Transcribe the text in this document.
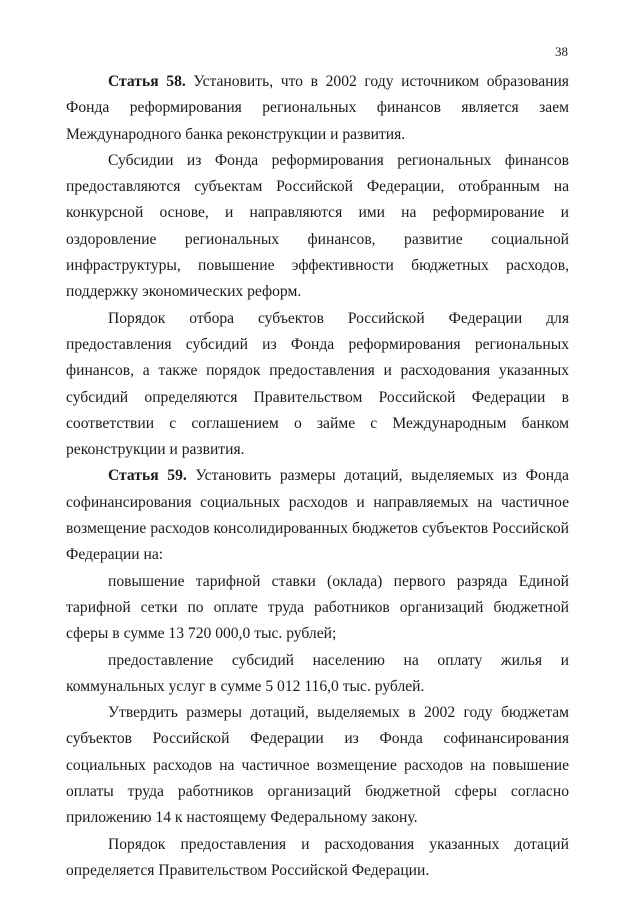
38

Статья 58. Установить, что в 2002 году источником образования Фонда реформирования региональных финансов является заем Международного банка реконструкции и развития.

Субсидии из Фонда реформирования региональных финансов предоставляются субъектам Российской Федерации, отобранным на конкурсной основе, и направляются ими на реформирование и оздоровление региональных финансов, развитие социальной инфраструктуры, повышение эффективности бюджетных расходов, поддержку экономических реформ.

Порядок отбора субъектов Российской Федерации для предоставления субсидий из Фонда реформирования региональных финансов, а также порядок предоставления и расходования указанных субсидий определяются Правительством Российской Федерации в соответствии с соглашением о займе с Международным банком реконструкции и развития.

Статья 59. Установить размеры дотаций, выделяемых из Фонда софинансирования социальных расходов и направляемых на частичное возмещение расходов консолидированных бюджетов субъектов Российской Федерации на:

повышение тарифной ставки (оклада) первого разряда Единой тарифной сетки по оплате труда работников организаций бюджетной сферы в сумме 13 720 000,0 тыс. рублей;

предоставление субсидий населению на оплату жилья и коммунальных услуг в сумме 5 012 116,0 тыс. рублей.

Утвердить размеры дотаций, выделяемых в 2002 году бюджетам субъектов Российской Федерации из Фонда софинансирования социальных расходов на частичное возмещение расходов на повышение оплаты труда работников организаций бюджетной сферы согласно приложению 14 к настоящему Федеральному закону.

Порядок предоставления и расходования указанных дотаций определяется Правительством Российской Федерации.
